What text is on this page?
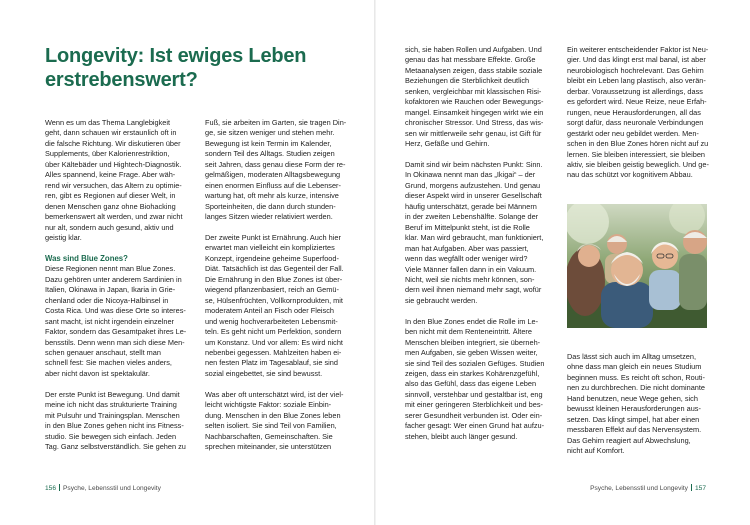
Longevity: Ist ewiges Leben
erstrebenswert?

Wenn es um das Thema Langlebigkeit
geht, dann schauen wir erstaunlich oft in
die falsche Richtung. Wir diskutieren über
Supplements, über Kalorienrestriktion,
über Kältebäder und Hightech-Diagnostik.
Alles spannend, keine Frage. Aber wäh-
rend wir versuchen, das Altern zu optimie-
ren, gibt es Regionen auf dieser Welt, in
denen Menschen ganz ohne Biohacking
bemerkenswert alt werden, und zwar nicht
nur alt, sondern auch gesund, aktiv und
geistig klar.

Was sind Blue Zones?

Diese Regionen nennt man Blue Zones.
Dazu gehören unter anderem Sardinien in
Italien, Okinawa in Japan, Ikaria in Grie-
chenland oder die Nicoya-Halbinsel in
Costa Rica. Und was diese Orte so interes-
sant macht, ist nicht irgendein einzelner
Faktor, sondern das Gesamtpaket ihres Le-
bensstils. Denn wenn man sich diese Men-
schen genauer anschaut, stellt man
schnell fest: Sie machen vieles anders,
aber nicht davon ist spektakulär.

Der erste Punkt ist Bewegung. Und damit
meine ich nicht das strukturierte Training
mit Pulsuhr und Trainingsplan. Menschen
in den Blue Zones gehen nicht ins Fitness-
studio. Sie bewegen sich einfach. Jeden
Tag. Ganz selbstverständlich. Sie gehen zu

Fuß, sie arbeiten im Garten, sie tragen Din-
ge, sie sitzen weniger und stehen mehr.
Bewegung ist kein Termin im Kalender,
sondern Teil des Alltags. Studien zeigen
seit Jahren, dass genau diese Form der re-
gelmäßigen, moderaten Alltagsbewegung
einen enormen Einfluss auf die Lebenser-
wartung hat, oft mehr als kurze, intensive
Sporteinheiten, die dann durch stunden-
langes Sitzen wieder relativiert werden.

Der zweite Punkt ist Ernährung. Auch hier
erwartet man vielleicht ein kompliziertes
Konzept, irgendeine geheime Superfood-
Diät. Tatsächlich ist das Gegenteil der Fall.
Die Ernährung in den Blue Zones ist über-
wiegend pflanzenbasiert, reich an Gemü-
se, Hülsenfrüchten, Vollkornprodukten, mit
moderatem Anteil an Fisch oder Fleisch
und wenig hochverarbeiteten Lebensmit-
teln. Es geht nicht um Perfektion, sondern
um Konstanz. Und vor allem: Es wird nicht
nebenbei gegessen. Mahlzeiten haben ei-
nen festen Platz im Tagesablauf, sie sind
sozial eingebettet, sie sind bewusst.

Was aber oft unterschätzt wird, ist der viel-
leicht wichtigste Faktor: soziale Einbin-
dung. Menschen in den Blue Zones leben
selten isoliert. Sie sind Teil von Familien,
Nachbarschaften, Gemeinschaften. Sie
sprechen miteinander, sie unterstützen

sich, sie haben Rollen und Aufgaben. Und
genau das hat messbare Effekte. Große
Metaanalysen zeigen, dass stabile soziale
Beziehungen die Sterblichkeit deutlich
senken, vergleichbar mit klassischen Risi-
kofaktoren wie Rauchen oder Bewegungs-
mangel. Einsamkeit hingegen wirkt wie ein
chronischer Stressor. Und Stress, das wis-
sen wir mittlerweile sehr genau, ist Gift für
Herz, Gefäße und Gehirn.

Damit sind wir beim nächsten Punkt: Sinn.
In Okinawa nennt man das „Ikigai“ – der
Grund, morgens aufzustehen. Und genau
dieser Aspekt wird in unserer Gesellschaft
häufig unterschätzt, gerade bei Männern
in der zweiten Lebenshälfte. Solange der
Beruf im Mittelpunkt steht, ist die Rolle
klar. Man wird gebraucht, man funktioniert,
man hat Aufgaben. Aber was passiert,
wenn das wegfällt oder weniger wird?
Viele Männer fallen dann in ein Vakuum.
Nicht, weil sie nichts mehr können, son-
dern weil ihnen niemand mehr sagt, wofür
sie gebraucht werden.

In den Blue Zones endet die Rolle im Le-
ben nicht mit dem Renteneintritt. Ältere
Menschen bleiben integriert, sie überneh-
men Aufgaben, sie geben Wissen weiter,
sie sind Teil des sozialen Gefüges. Studien
zeigen, dass ein starkes Kohärenzgefühl,
also das Gefühl, dass das eigene Leben
sinnvoll, verstehbar und gestaltbar ist, eng
mit einer geringeren Sterblichkeit und bes-
serer Gesundheit verbunden ist. Oder ein-
facher gesagt: Wer einen Grund hat aufzu-
stehen, bleibt auch länger gesund.

Ein weiterer entscheidender Faktor ist Neu-
gier. Und das klingt erst mal banal, ist aber
neurobiologisch hochrelevant. Das Gehirn
bleibt ein Leben lang plastisch, also verän-
derbar. Voraussetzung ist allerdings, dass
es gefordert wird. Neue Reize, neue Erfah-
rungen, neue Herausforderungen, all das
sorgt dafür, dass neuronale Verbindungen
gestärkt oder neu gebildet werden. Men-
schen in den Blue Zones hören nicht auf zu
lernen. Sie bleiben interessiert, sie bleiben
aktiv, sie bleiben geistig beweglich. Und ge-
nau das schützt vor kognitivem Abbau.

Das lässt sich auch im Alltag umsetzen,
ohne dass man gleich ein neues Studium
beginnen muss. Es reicht oft schon, Routi-
nen zu durchbrechen. Die nicht dominante
Hand benutzen, neue Wege gehen, sich
bewusst kleinen Herausforderungen aus-
setzen. Das klingt simpel, hat aber einen
messbaren Effekt auf das Nervensystem.
Das Gehirn reagiert auf Abwechslung,
nicht auf Komfort.

156 Psyche, Lebensstil und Longevity	Psyche, Lebensstil und Longevity 157
